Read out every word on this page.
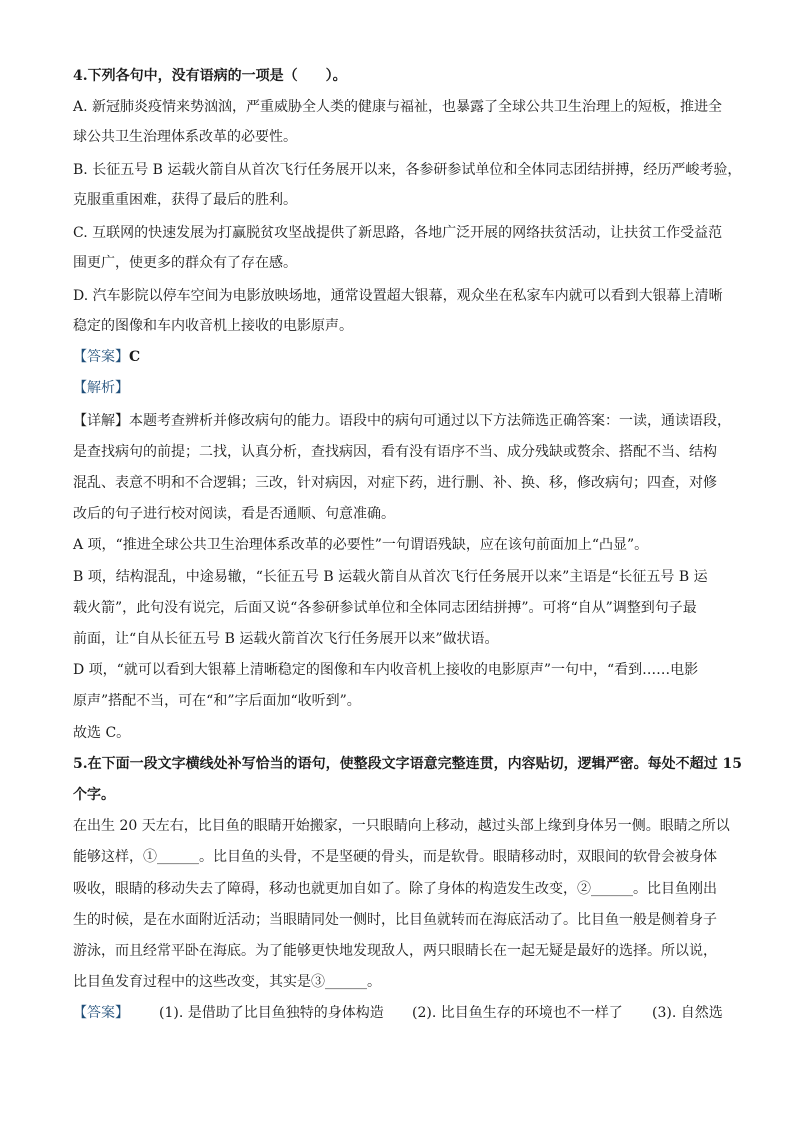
4.下列各句中，没有语病的一项是（　　）。
A. 新冠肺炎疫情来势汹汹，严重威胁全人类的健康与福祉，也暴露了全球公共卫生治理上的短板，推进全
球公共卫生治理体系改革的必要性。
B. 长征五号 B 运载火箭自从首次飞行任务展开以来，各参研参试单位和全体同志团结拼搏，经历严峻考验，
克服重重困难，获得了最后的胜利。
C. 互联网的快速发展为打赢脱贫攻坚战提供了新思路，各地广泛开展的网络扶贫活动，让扶贫工作受益范
围更广，使更多的群众有了存在感。
D. 汽车影院以停车空间为电影放映场地，通常设置超大银幕，观众坐在私家车内就可以看到大银幕上清晰
稳定的图像和车内收音机上接收的电影原声。
【答案】C
【解析】
【详解】本题考查辨析并修改病句的能力。语段中的病句可通过以下方法筛选正确答案：一读，通读语段，
是查找病句的前提；二找，认真分析，查找病因，看有没有语序不当、成分残缺或赘余、搭配不当、结构
混乱、表意不明和不合逻辑；三改，针对病因，对症下药，进行删、补、换、移，修改病句；四查，对修
改后的句子进行校对阅读，看是否通顺、句意准确。
A 项，“推进全球公共卫生治理体系改革的必要性”一句谓语残缺，应在该句前面加上“凸显”。
B 项，结构混乱，中途易辙，“长征五号 B 运载火箭自从首次飞行任务展开以来”主语是“长征五号 B 运
载火箭”，此句没有说完，后面又说“各参研参试单位和全体同志团结拼搏”。可将“自从”调整到句子最
前面，让“自从长征五号 B 运载火箭首次飞行任务展开以来”做状语。
D 项，“就可以看到大银幕上清晰稳定的图像和车内收音机上接收的电影原声”一句中，“看到……电影
原声”搭配不当，可在“和”字后面加“收听到”。
故选 C。
5.在下面一段文字横线处补写恰当的语句，使整段文字语意完整连贯，内容贴切，逻辑严密。每处不超过 15
个字。
在出生 20 天左右，比目鱼的眼睛开始搬家，一只眼睛向上移动，越过头部上缘到身体另一侧。眼睛之所以
能够这样，①______。比目鱼的头骨，不是坚硬的骨头，而是软骨。眼睛移动时，双眼间的软骨会被身体
吸收，眼睛的移动失去了障碍，移动也就更加自如了。除了身体的构造发生改变，②______。比目鱼刚出
生的时候，是在水面附近活动；当眼睛同处一侧时，比目鱼就转而在海底活动了。比目鱼一般是侧着身子
游泳，而且经常平卧在海底。为了能够更快地发现敌人，两只眼睛长在一起无疑是最好的选择。所以说，
比目鱼发育过程中的这些改变，其实是③______。
【答案】 (1). 是借助了比目鱼独特的身体构造 (2). 比目鱼生存的环境也不一样了 (3). 自然选
